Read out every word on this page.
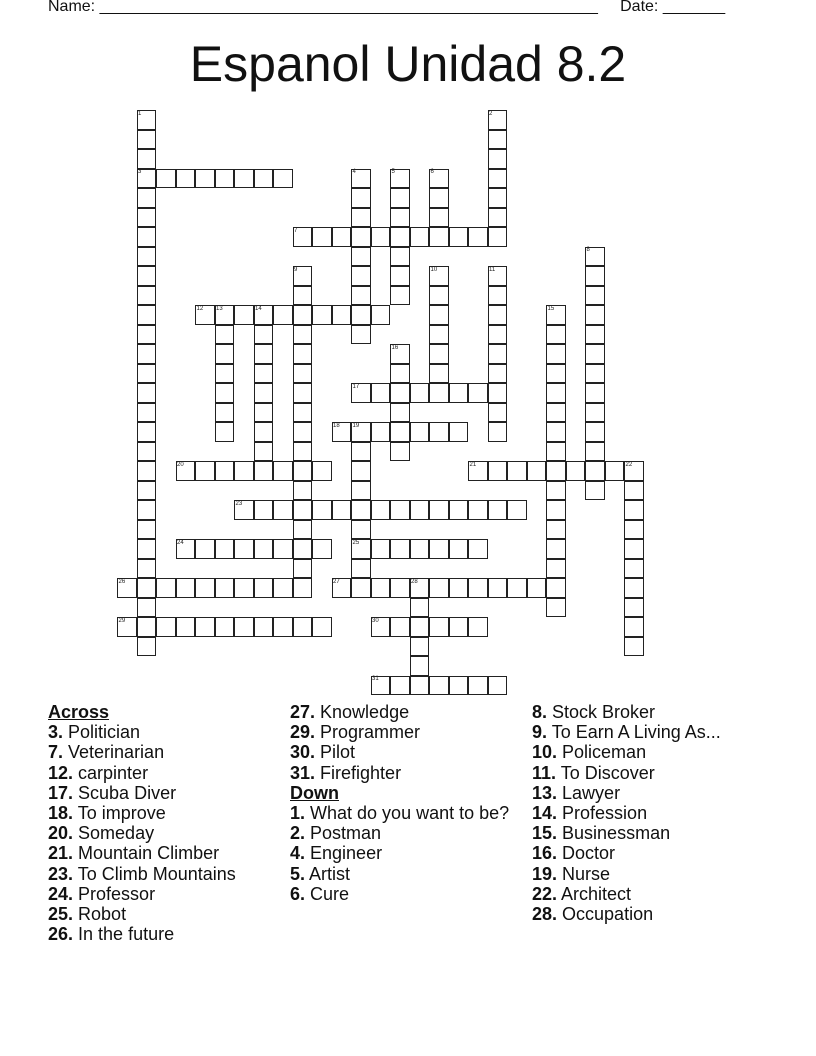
Name: ________________________________________________________ Date: _______
Espanol Unidad 8.2
1	2
3	4	5	6
7
8
9	10	11
12 13	14	15
16
17
18 19
20	21	22
23
24	25
26	27	28
29	30
31
Across
3. Politician
7. Veterinarian
12. carpinter
17. Scuba Diver
18. To improve
20. Someday
21. Mountain Climber
23. To Climb Mountains
24. Professor
25. Robot
26. In the future
27. Knowledge
29. Programmer
30. Pilot
31. Firefighter
Down
1. What do you want to be?
2. Postman
4. Engineer
5. Artist
6. Cure
8. Stock Broker
9. To Earn A Living As...
10. Policeman
11. To Discover
13. Lawyer
14. Profession
15. Businessman
16. Doctor
19. Nurse
22. Architect
28. Occupation
